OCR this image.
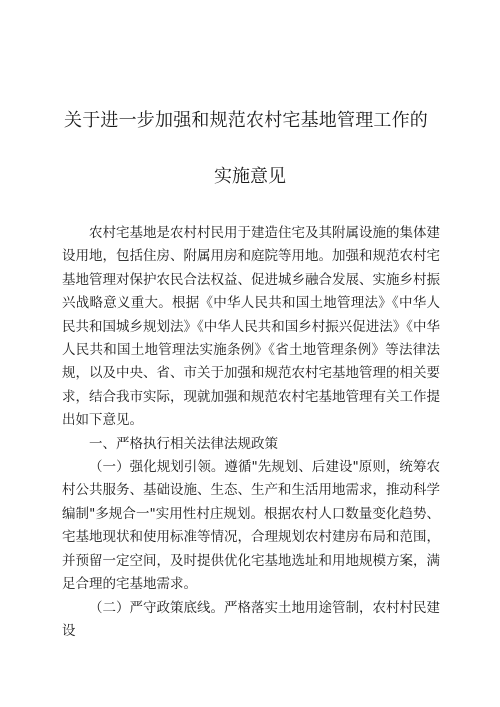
关于进一步加强和规范农村宅基地管理工作的
实施意见

农村宅基地是农村村民用于建造住宅及其附属设施的集体建设用地，包括住房、附属用房和庭院等用地。加强和规范农村宅基地管理对保护农民合法权益、促进城乡融合发展、实施乡村振兴战略意义重大。根据《中华人民共和国土地管理法》《中华人民共和国城乡规划法》《中华人民共和国乡村振兴促进法》《中华人民共和国土地管理法实施条例》《省土地管理条例》等法律法规，以及中央、省、市关于加强和规范农村宅基地管理的相关要求，结合我市实际，现就加强和规范农村宅基地管理有关工作提出如下意见。

一、严格执行相关法律法规政策

（一）强化规划引领。遵循"先规划、后建设"原则，统筹农村公共服务、基础设施、生态、生产和生活用地需求，推动科学编制"多规合一"实用性村庄规划。根据农村人口数量变化趋势、宅基地现状和使用标准等情况，合理规划农村建房布局和范围，并预留一定空间，及时提供优化宅基地选址和用地规模方案，满足合理的宅基地需求。

（二）严守政策底线。严格落实土地用途管制，农村村民建设
